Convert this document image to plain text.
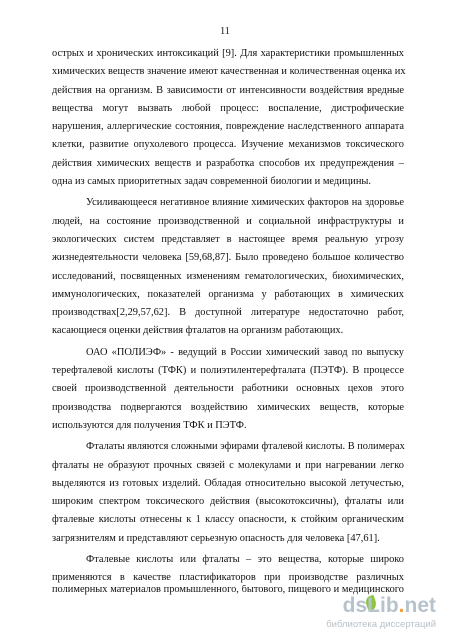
11
острых и хронических интоксикаций [9]. Для характеристики промышленных
химических веществ значение имеют качественная и количественная оценка их
действия на организм. В зависимости от интенсивности воздействия вредные
вещества могут вызвать любой процесс: воспаление, дистрофические
нарушения, аллергические состояния, повреждение наследственного аппарата
клетки, развитие опухолевого процесса. Изучение механизмов токсического
действия химических веществ и разработка способов их предупреждения –
одна из самых приоритетных задач современной биологии и медицины.
Усиливающееся негативное влияние химических факторов на здоровье
людей, на состояние производственной и социальной инфраструктуры и
экологических систем представляет в настоящее время реальную угрозу
жизнедеятельности человека [59,68,87]. Было проведено большое количество
исследований, посвященных изменениям гематологических, биохимических,
иммунологических, показателей организма у работающих в химических
производствах[2,29,57,62]. В доступной литературе недостаточно работ,
касающиеся оценки действия фталатов на организм работающих.
ОАО «ПОЛИЭФ» - ведущий в России химический завод по выпуску
терефталевой кислоты (ТФК) и полиэтилентерефталата (ПЭТФ). В процессе
своей производственной деятельности работники основных цехов этого
производства подвергаются воздействию химических веществ, которые
используются для получения ТФК и ПЭТФ.
Фталаты являются сложными эфирами фталевой кислоты. В полимерах
фталаты не образуют прочных связей с молекулами и при нагревании легко
выделяются из готовых изделий. Обладая относительно высокой летучестью,
широким спектром токсического действия (высокотоксичны), фталаты или
фталевые кислоты отнесены к 1 классу опасности, к стойким органическим
загрязнителям и представляют серьезную опасность для человека [47,61].
Фталевые кислоты или фталаты – это вещества, которые широко
применяются в качестве пластификаторов при производстве различных
полимерных материалов промышленного, бытового, пищевого и медицинского
dsLib.net
библиотека диссертаций
